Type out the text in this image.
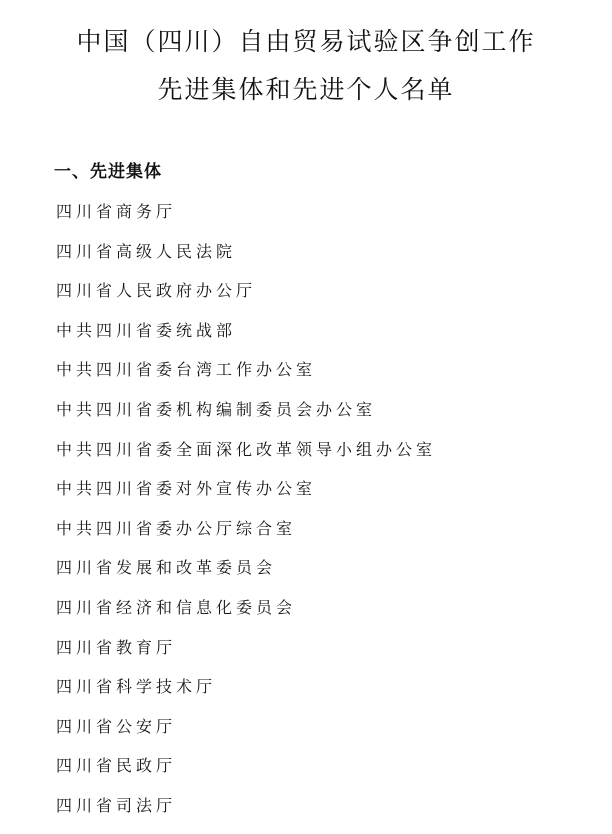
中国（四川）自由贸易试验区争创工作
先进集体和先进个人名单
一、先进集体
四川省商务厅
四川省高级人民法院
四川省人民政府办公厅
中共四川省委统战部
中共四川省委台湾工作办公室
中共四川省委机构编制委员会办公室
中共四川省委全面深化改革领导小组办公室
中共四川省委对外宣传办公室
中共四川省委办公厅综合室
四川省发展和改革委员会
四川省经济和信息化委员会
四川省教育厅
四川省科学技术厅
四川省公安厅
四川省民政厅
四川省司法厅
